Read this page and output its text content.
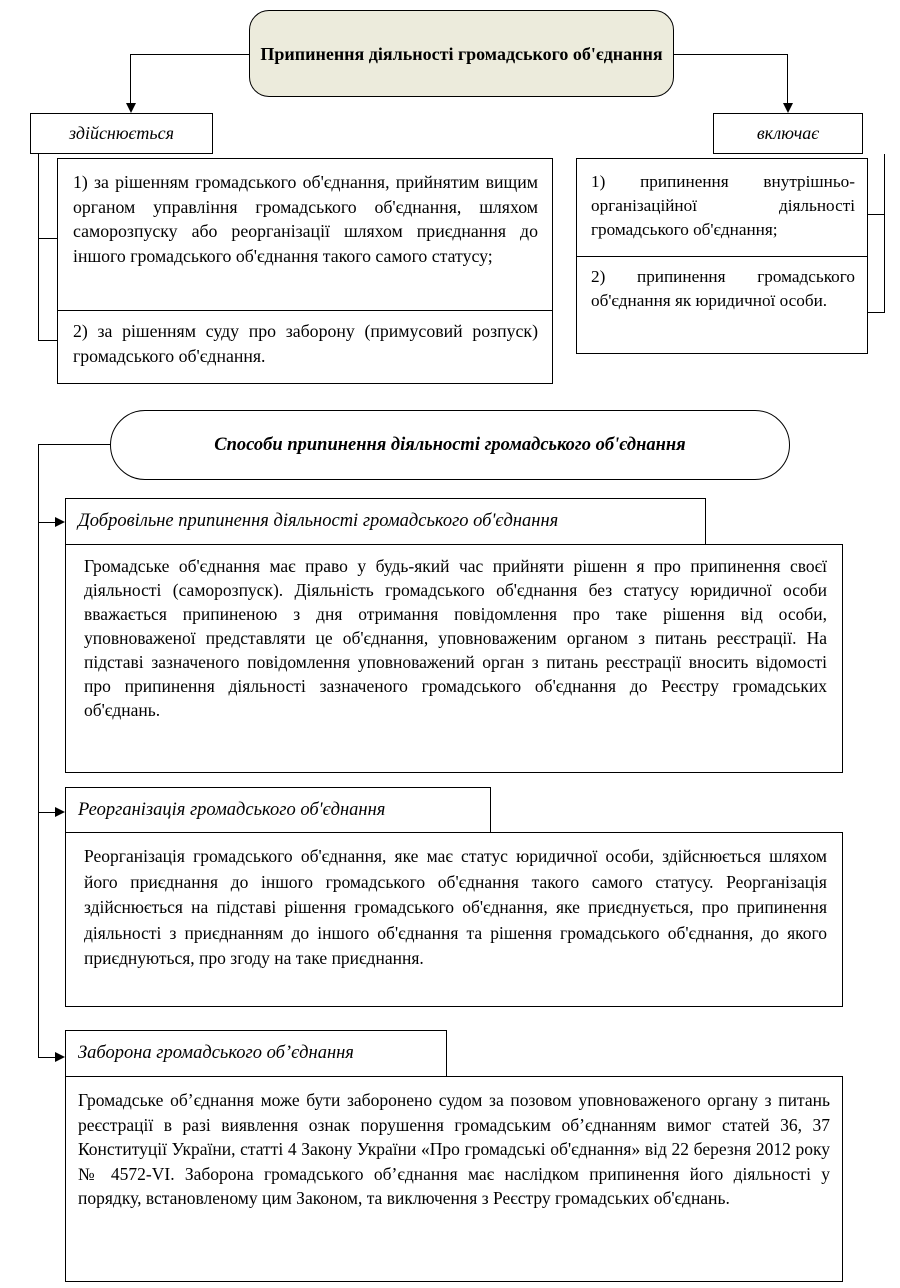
Припинення діяльності громадського об'єднання
здійснюється	включає
1) за рішенням громадського об'єднання, прийнятим вищим органом управління громадського об'єднання, шляхом саморозпуску або реорганізації шляхом приєднання до іншого громадського об'єднання такого самого статусу;
2) за рішенням суду про заборону (примусовий розпуск) громадського об'єднання.
1) припинення внутрішньо-організаційної діяльності громадського об'єднання;
2) припинення громадського об'єднання як юридичної особи.
Способи припинення діяльності громадського об'єднання
Добровільне припинення діяльності громадського об'єднання
Громадське об'єднання має право у будь-який час прийняти рішенн я про припинення своєї діяльності (саморозпуск). Діяльність громадського об'єднання без статусу юридичної особи вважається припиненою з дня отримання повідомлення про таке рішення від особи, уповноваженої представляти це об'єднання, уповноваженим органом з питань реєстрації. На підставі зазначеного повідомлення уповноважений орган з питань реєстрації вносить відомості про припинення діяльності зазначеного громадського об'єднання до Реєстру громадських об'єднань.
Реорганізація громадського об'єднання
Реорганізація громадського об'єднання, яке має статус юридичної особи, здійснюється шляхом його приєднання до іншого громадського об'єднання такого самого статусу. Реорганізація здійснюється на підставі рішення громадського об'єднання, яке приєднується, про припинення діяльності з приєднанням до іншого об'єднання та рішення громадського об'єднання, до якого приєднуються, про згоду на таке приєднання.
Заборона громадського об’єднання
Громадське об’єднання може бути заборонено судом за позовом уповноваженого органу з питань реєстрації в разі виявлення ознак порушення громадським об’єднанням вимог статей 36, 37 Конституції України, статті 4 Закону України «Про громадські об'єднання» від 22 березня 2012 року № 4572-VI. Заборона громадського об’єднання має наслідком припинення його діяльності у порядку, встановленому цим Законом, та виключення з Реєстру громадських об'єднань.
